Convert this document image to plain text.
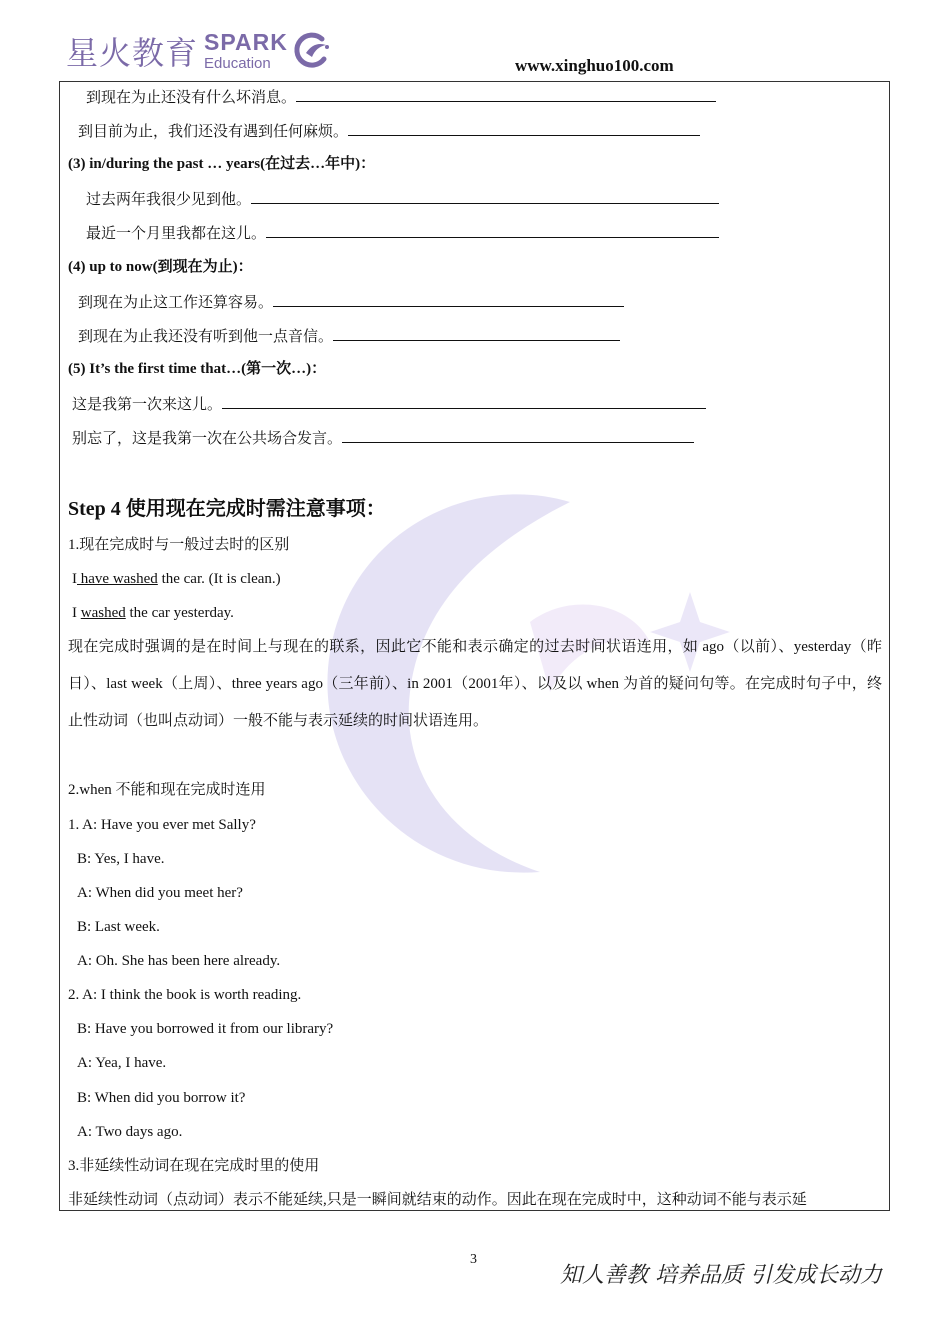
星火教育 SPARK
Education	www.xinghuo100.com
到现在为止还没有什么坏消息。
到目前为止，我们还没有遇到任何麻烦。
(3) in/during the past … years(在过去…年中)：
过去两年我很少见到他。
最近一个月里我都在这儿。
(4) up to now(到现在为止)：
到现在为止这工作还算容易。
到现在为止我还没有听到他一点音信。
(5) It’s the first time that…(第一次…)：
这是我第一次来这儿。
别忘了，这是我第一次在公共场合发言。
Step 4 使用现在完成时需注意事项：
1.现在完成时与一般过去时的区别
I have washed the car. (It is clean.)
I washed the car yesterday.
现在完成时强调的是在时间上与现在的联系，因此它不能和表示确定的过去时间状语连用，如 ago（以前）、yesterday（昨日）、last week（上周）、three years ago（三年前）、in 2001（2001年）、以及以 when 为首的疑问句等。在完成时句子中，终止性动词（也叫点动词）一般不能与表示延续的时间状语连用。
2.when 不能和现在完成时连用
1. A: Have you ever met Sally?
B: Yes, I have.
A: When did you meet her?
B: Last week.
A: Oh. She has been here already.
2. A: I think the book is worth reading.
B: Have you borrowed it from our library?
A: Yea, I have.
B: When did you borrow it?
A: Two days ago.
3.非延续性动词在现在完成时里的使用
非延续性动词（点动词）表示不能延续,只是一瞬间就结束的动作。因此在现在完成时中，这种动词不能与表示延
3
知人善教 培养品质 引发成长动力
